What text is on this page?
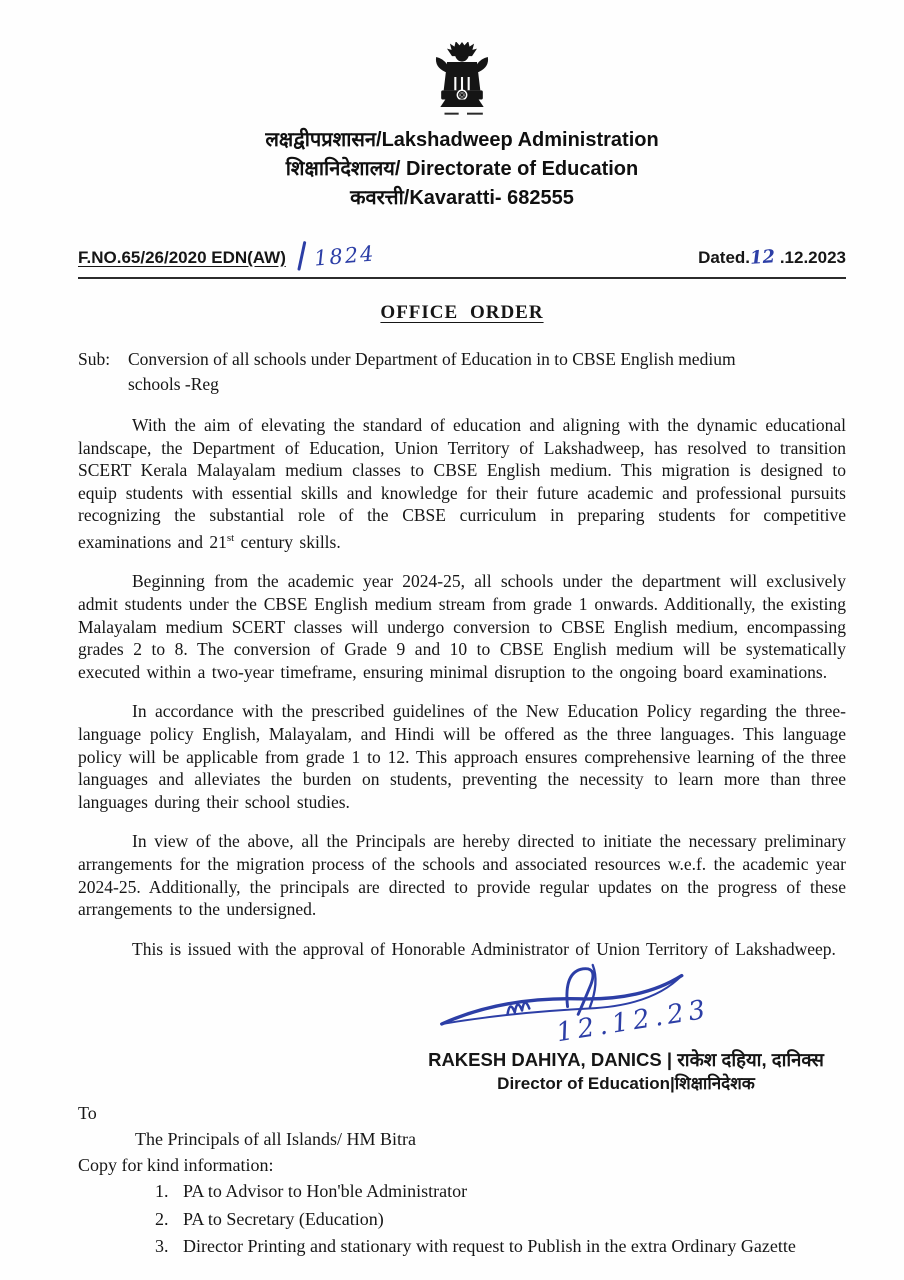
लक्षद्वीपप्रशासन/Lakshadweep Administration
शिक्षानिदेशालय/ Directorate of Education
कवरत्ती/Kavaratti- 682555
F.NO.65/26/2020 EDN(AW) 1824	Dated.12 .12.2023
OFFICE ORDER
Sub:	Conversion of all schools under Department of Education in to CBSE English medium schools -Reg

With the aim of elevating the standard of education and aligning with the dynamic educational landscape, the Department of Education, Union Territory of Lakshadweep, has resolved to transition SCERT Kerala Malayalam medium classes to CBSE English medium. This migration is designed to equip students with essential skills and knowledge for their future academic and professional pursuits recognizing the substantial role of the CBSE curriculum in preparing students for competitive examinations and 21st century skills.

Beginning from the academic year 2024-25, all schools under the department will exclusively admit students under the CBSE English medium stream from grade 1 onwards. Additionally, the existing Malayalam medium SCERT classes will undergo conversion to CBSE English medium, encompassing grades 2 to 8. The conversion of Grade 9 and 10 to CBSE English medium will be systematically executed within a two-year timeframe, ensuring minimal disruption to the ongoing board examinations.

In accordance with the prescribed guidelines of the New Education Policy regarding the three-language policy English, Malayalam, and Hindi will be offered as the three languages. This language policy will be applicable from grade 1 to 12. This approach ensures comprehensive learning of the three languages and alleviates the burden on students, preventing the necessity to learn more than three languages during their school studies.

In view of the above, all the Principals are hereby directed to initiate the necessary preliminary arrangements for the migration process of the schools and associated resources w.e.f. the academic year 2024-25. Additionally, the principals are directed to provide regular updates on the progress of these arrangements to the undersigned.

This is issued with the approval of Honorable Administrator of Union Territory of Lakshadweep.

12.12.23
RAKESH DAHIYA, DANICS | राकेश दहिया, दानिक्स
Director of Education|शिक्षानिदेशक
To
The Principals of all Islands/ HM Bitra
Copy for kind information:
1. PA to Advisor to Hon'ble Administrator
2. PA to Secretary (Education)
3. Director Printing and stationary with request to Publish in the extra Ordinary Gazette
